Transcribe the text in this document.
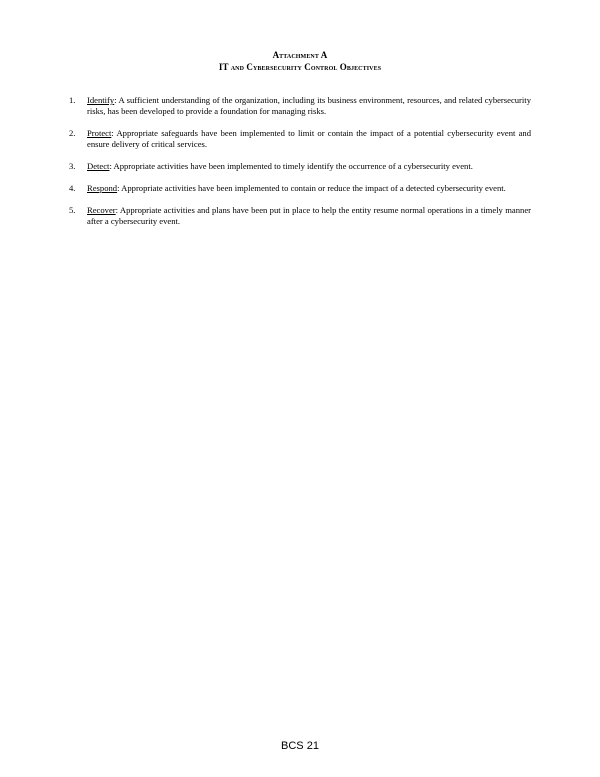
Attachment A
IT and Cybersecurity Control Objectives
1.	Identify: A sufficient understanding of the organization, including its business environment, resources, and related cybersecurity risks, has been developed to provide a foundation for managing risks.
2.	Protect: Appropriate safeguards have been implemented to limit or contain the impact of a potential cybersecurity event and ensure delivery of critical services.
3.	Detect: Appropriate activities have been implemented to timely identify the occurrence of a cybersecurity event.
4.	Respond: Appropriate activities have been implemented to contain or reduce the impact of a detected cybersecurity event.
5.	Recover: Appropriate activities and plans have been put in place to help the entity resume normal operations in a timely manner after a cybersecurity event.
BCS 21
